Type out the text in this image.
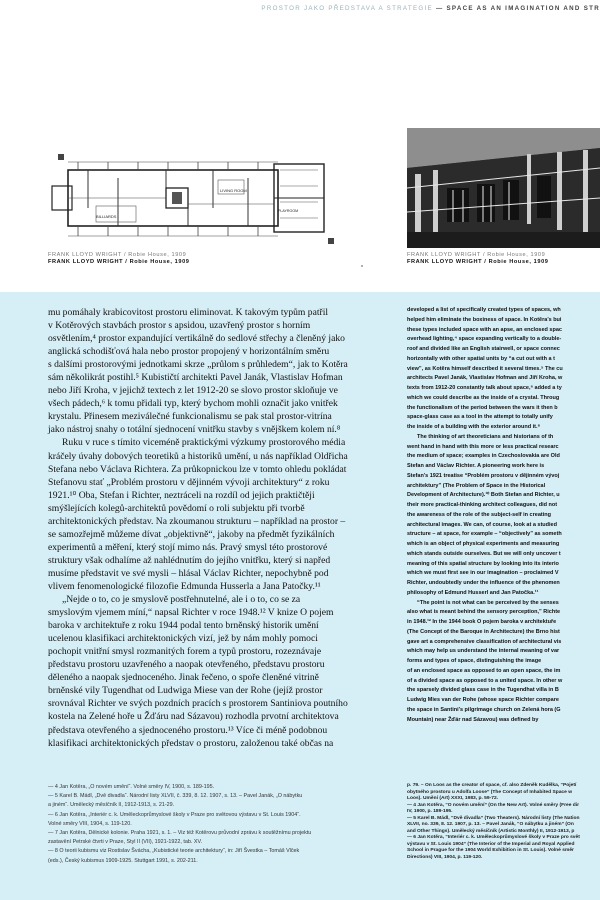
PROSTOR JAKO PŘEDSTAVA A STRATEGIE — SPACE AS AN IMAGINATION AND STR
LIVING ROOM
BILLIARDS
PLAYROOM
FRANK LLOYD WRIGHT / Robie House, 1909
FRANK LLOYD WRIGHT / Robie House, 1909
FRANK LLOYD WRIGHT / Robie House, 1909
FRANK LLOYD WRIGHT / Robie House, 1909

mu pomáhaly krabicovitost prostoru eliminovat. K takovým typům patřil
v Kotěrových stavbách prostor s apsidou, uzavřený prostor s horním
osvětlením,⁴ prostor expandující vertikálně do sedlové střechy a členěný jako
anglická schodišťová hala nebo prostor propojený v horizontálním směru
s dalšími prostorovými jednotkami skrze „průlom s průhledem“, jak to Kotěra
sám několikrát postihl.⁵ Kubističtí architekti Pavel Janák, Vlastislav Hofman
nebo Jiří Kroha, v jejichž textech z let 1912-20 se slovo prostor skloňuje ve
všech pádech,⁶ k tomu přidali typ, který bychom mohli označit jako vnitřek
krystalu. Přinesem meziválečné funkcionalismu se pak stal prostor-vitrína
jako nástroj snahy o totální sjednocení vnitřku stavby s vnějškem kolem ní.⁸

Ruku v ruce s tímito viceméně praktickými výzkumy prostorového média
kráčely úvahy dobových teoretiků a historiků umění, u nás například Oldřicha
Stefana nebo Václava Richtera. Za průkopnickou lze v tomto ohledu pokládat
Stefanovu stať „Problém prostoru v dějinném vývoji architektury“ z roku
1921.¹⁰ Oba, Stefan i Richter, neztráceli na rozdíl od jejich praktičtěji
smýšlejících kolegů-architektů povědomí o roli subjektu při tvorbě
architektonických představ. Na zkoumanou strukturu – například na prostor –
se samozřejmě můžeme dívat „objektivně“, jakoby na předmět fyzikálních
experimentů a měření, který stojí mimo nás. Pravý smysl této prostorové
struktury však odhalíme až nahlédnutím do jejího vnitřku, který si napřed
musíme představit ve své mysli – hlásal Václav Richter, nepochybně pod
vlivem fenomenologické filozofie Edmunda Husserla a Jana Patočky.¹¹

„Nejde o to, co je smyslově postřehnutelné, ale i o to, co se za
smyslovým vjemem míní,“ napsal Richter v roce 1948.¹² V knize O pojem
baroka v architektuře z roku 1944 podal tento brněnský historik umění
ucelenou klasifikaci architektonických vizí, jež by nám mohly pomoci
pochopit vnitřní smysl rozmanitých forem a typů prostoru, rozeznávaje
představu prostoru uzavřeného a naopak otevřeného, představu prostoru
děleného a naopak sjednoceného. Jinak řečeno, o spoře členěné vitrině
brněnské vily Tugendhat od Ludwiga Miese van der Rohe (jejíž prostor
srovnával Richter ve svých pozdních pracích s prostorem Santiniova poutního
kostela na Zelené hoře u Žďáru nad Sázavou) rozhodla prvotní architektova
představa otevřeného a sjednoceného prostoru.¹³ Více či méně podobnou
klasifikaci architektonických představ o prostoru, založenou také občas na

developed a list of specifically created types of spaces, wh
helped him eliminate the boxiness of space. In Kotěra’s bui
these types included space with an apse, an enclosed spac
overhead lighting,⁴ space expanding vertically to a double-
roof and divided like an English stairwell, or space connec
horizontally with other spatial units by “a cut out with a t
view”, as Kotěra himself described it several times.⁵ The cu
architects Pavel Janák, Vlastislav Hofman and Jiří Kroha, w
texts from 1912-20 constantly talk about space,⁶ added a ty
which we could describe as the inside of a crystal. Throug
the functionalism of the period between the wars it then b
space-glass case as a tool in the attempt to totally unify
the inside of a building with the exterior around it.⁸

The thinking of art theoreticians and historians of th
went hand in hand with this more or less practical researc
the medium of space; examples in Czechoslovakia are Old
Stefan and Václav Richter. A pioneering work here is
Stefan’s 1921 treatise “Problém prostoru v dějinném vývoj
architektury” (The Problem of Space in the Historical
Development of Architecture).¹⁰ Both Stefan and Richter, u
their more practical-thinking architect colleagues, did not
the awareness of the role of the subject-self in creating
architectural images. We can, of course, look at a studied
structure – at space, for example – “objectively” as someth
which is an object of physical experiments and measuring
which stands outside ourselves. But we will only uncover t
meaning of this spatial structure by looking into its interio
which we must first see in our imagination – proclaimed V
Richter, undoubtedly under the influence of the phenomen
philosophy of Edmund Husserl and Jan Patočka.¹¹

“The point is not what can be perceived by the senses
also what is meant behind the sensory perception,” Richte
in 1948.¹² In the 1944 book O pojem baroka v architektuře
(The Concept of the Baroque in Architecture) the Brno hist
gave art a comprehensive classification of architectural vis
which may help us understand the internal meaning of var
forms and types of space, distinguishing the image
of an enclosed space as opposed to an open space, the im
of a divided space as opposed to a united space. In other w
the sparsely divided glass case in the Tugendhat villa in B
Ludwig Mies van der Rohe (whose space Richter compare
the space in Santini’s pilgrimage church on Zelená hora (G
Mountain) near Žďár nad Sázavou) was defined by

— 4 Jan Kotěra, „O novém umění“. Volné směry IV, 1900, s. 189-195.
— 5 Karel B. Mádl, „Dvě divadla“. Národní listy XLVII, č. 339, 8. 12. 1907, s. 13. – Pavel Janák, „O nábytku
a jiném“. Umělecký měsíčník II, 1912-1913, s. 21-29.
— 6 Jan Kotěra, „Interiér c. k. Uměleckoprůmyslové školy v Praze pro světovou výstavu v St. Louis 1904“.
Volné směry VIII, 1904, s. 119-120.
— 7 Jan Kotěra, Dělnické kolonie. Praha 1921, s. 1. – Viz též Kotěrovu průvodní zprávu k soutěžnímu projektu
zastavění Petrské čtvrti v Praze, Styl II (VII), 1921-1922, tab. XV.
— 8 O teorii kubismu viz Rostislav Švácha, „Kubistické teorie architektury“, in: Jiří Švestka – Tomáš Vlček
(eds.), Český kubismus 1909-1925. Stuttgart 1991, s. 202-211.
p. 79. – On Loos as the creator of space, cf. also Zdeněk Kudělka, “Pojetí
obytného prostoru u Adolfa Loose” (The Concept of Inhabited Space w
Loos). Umění (Art) XXXI, 1983, p. 59-72.
— 4 Jan Kotěra, “O novém umění” (On the New Art). Volné směry (Free dir
IV, 1900, p. 189-195.
— 5 Karel B. Mádl, “Dvě divadla” (Two Theaters). Národní listy (The Nation
XLVII, no. 339, 8. 12. 1907, p. 13. – Pavel Janák, “O nábytku a jiném” (On
and Other Things). Umělecký měsíčník (Artistic Monthly) II, 1912-1913, p
— 6 Jan Kotěra, “Interiér c. k. Uměleckoprůmyslové školy v Praze pro svět
výstavu v St. Louis 1904” (The Interior of the Imperial and Royal Applied
School in Prague for the 1904 World Exhibition in St. Louis). Volné směr
Directions) VIII, 1904, p. 119-120.
